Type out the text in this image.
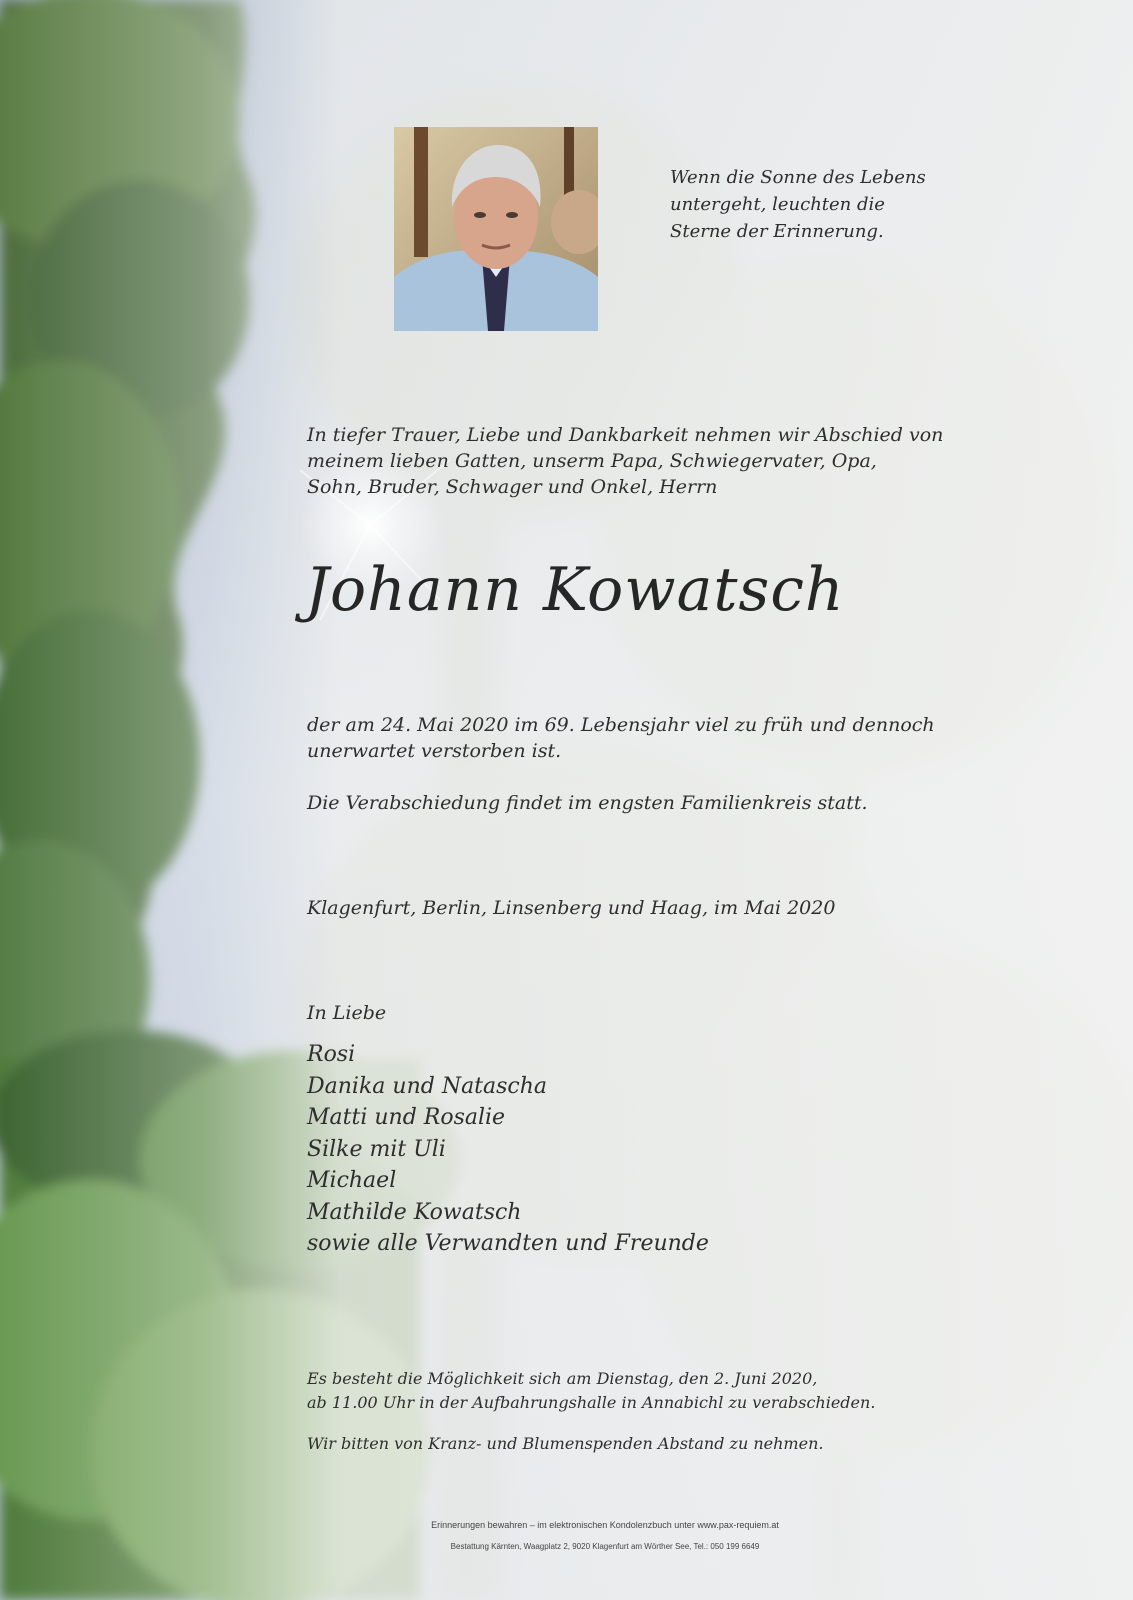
Wenn die Sonne des Lebens
untergeht, leuchten die
Sterne der Erinnerung.
In tiefer Trauer, Liebe und Dankbarkeit nehmen wir Abschied von
meinem lieben Gatten, unserm Papa, Schwiegervater, Opa,
Sohn, Bruder, Schwager und Onkel, Herrn
Johann Kowatsch
der am 24. Mai 2020 im 69. Lebensjahr viel zu früh und dennoch
unerwartet verstorben ist.
Die Verabschiedung findet im engsten Familienkreis statt.
Klagenfurt, Berlin, Linsenberg und Haag, im Mai 2020
In Liebe
Rosi
Danika und Natascha
Matti und Rosalie
Silke mit Uli
Michael
Mathilde Kowatsch
sowie alle Verwandten und Freunde
Es besteht die Möglichkeit sich am Dienstag, den 2. Juni 2020,
ab 11.00 Uhr in der Aufbahrungshalle in Annabichl zu verabschieden.
Wir bitten von Kranz- und Blumenspenden Abstand zu nehmen.
Erinnerungen bewahren – im elektronischen Kondolenzbuch unter www.pax-requiem.at
Bestattung Kärnten, Waagplatz 2, 9020 Klagenfurt am Wörther See, Tel.: 050 199 6649
